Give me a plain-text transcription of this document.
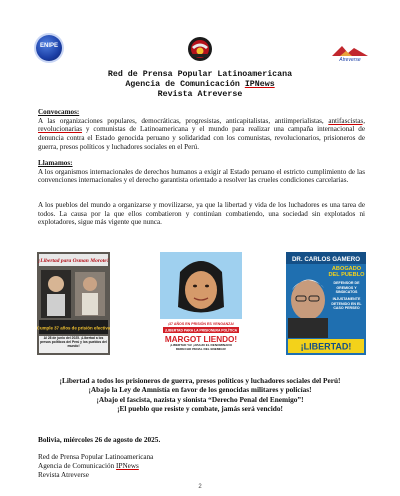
ENIPE
Atreverse
Red de Prensa Popular Latinoamericana
Agencia de Comunicación IPNews
Revista Atreverse
Convocamos:
A las organizaciones populares, democráticas, progresistas, anticapitalistas, antiimperialistas, antifascistas, revolucionarias y comunistas de Latinoamericana y el mundo para realizar una campaña internacional de denuncia contra el Estado genocida peruano y solidaridad con los comunistas, revolucionarios, prisioneros de guerra, presos políticos y luchadores sociales en el Perú.
Llamamos:
A los organismos internacionales de derechos humanos a exigir al Estado peruano el estricto cumplimiento de las convenciones internacionales y el derecho garantista orientado a resolver las crueles condiciones carcelarias.
A los pueblos del mundo a organizarse y movilizarse, ya que la libertad y vida de los luchadores es una tarea de todos. La causa por la que ellos combatieron y continúan combatiendo, una sociedad sin explotados ni explotadores, sigue más vigente que nunca.
¡Libertad para Osman Morote!
Cumple 37 años de prisión efectiva
Al 28 de junio del 2025. ¡Libertad a los presos políticos del Perú y los pueblos del mundo!
¡37 AÑOS EN PRISIÓN ES VENGANZA!
¡LIBERTAD PARA LA PRISIONERA POLÍTICA
MARGOT LIENDO!
¡LIBERTAD YA! ¡ABAJO EL DENOMINADO DERECHO PENAL DEL ENEMIGO!
DR. CARLOS GAMERO
ABOGADO DEL PUEBLO
DEFENSOR DE GREMIOS Y SINDICATOS
INJUSTAMENTE DETENIDO EN EL CASO PERSEO
¡LIBERTAD!
¡Libertad a todos los prisioneros de guerra, presos políticos y luchadores sociales del Perú!
¡Abajo la Ley de Amnistía en favor de los genocidas militares y policías!
¡Abajo el fascista, nazista y sionista “Derecho Penal del Enemigo”!
¡El pueblo que resiste y combate, jamás será vencido!
Bolivia, miércoles 26 de agosto de 2025.
Red de Prensa Popular Latinoamericana
Agencia de Comunicación IPNews
Revista Atreverse
2
